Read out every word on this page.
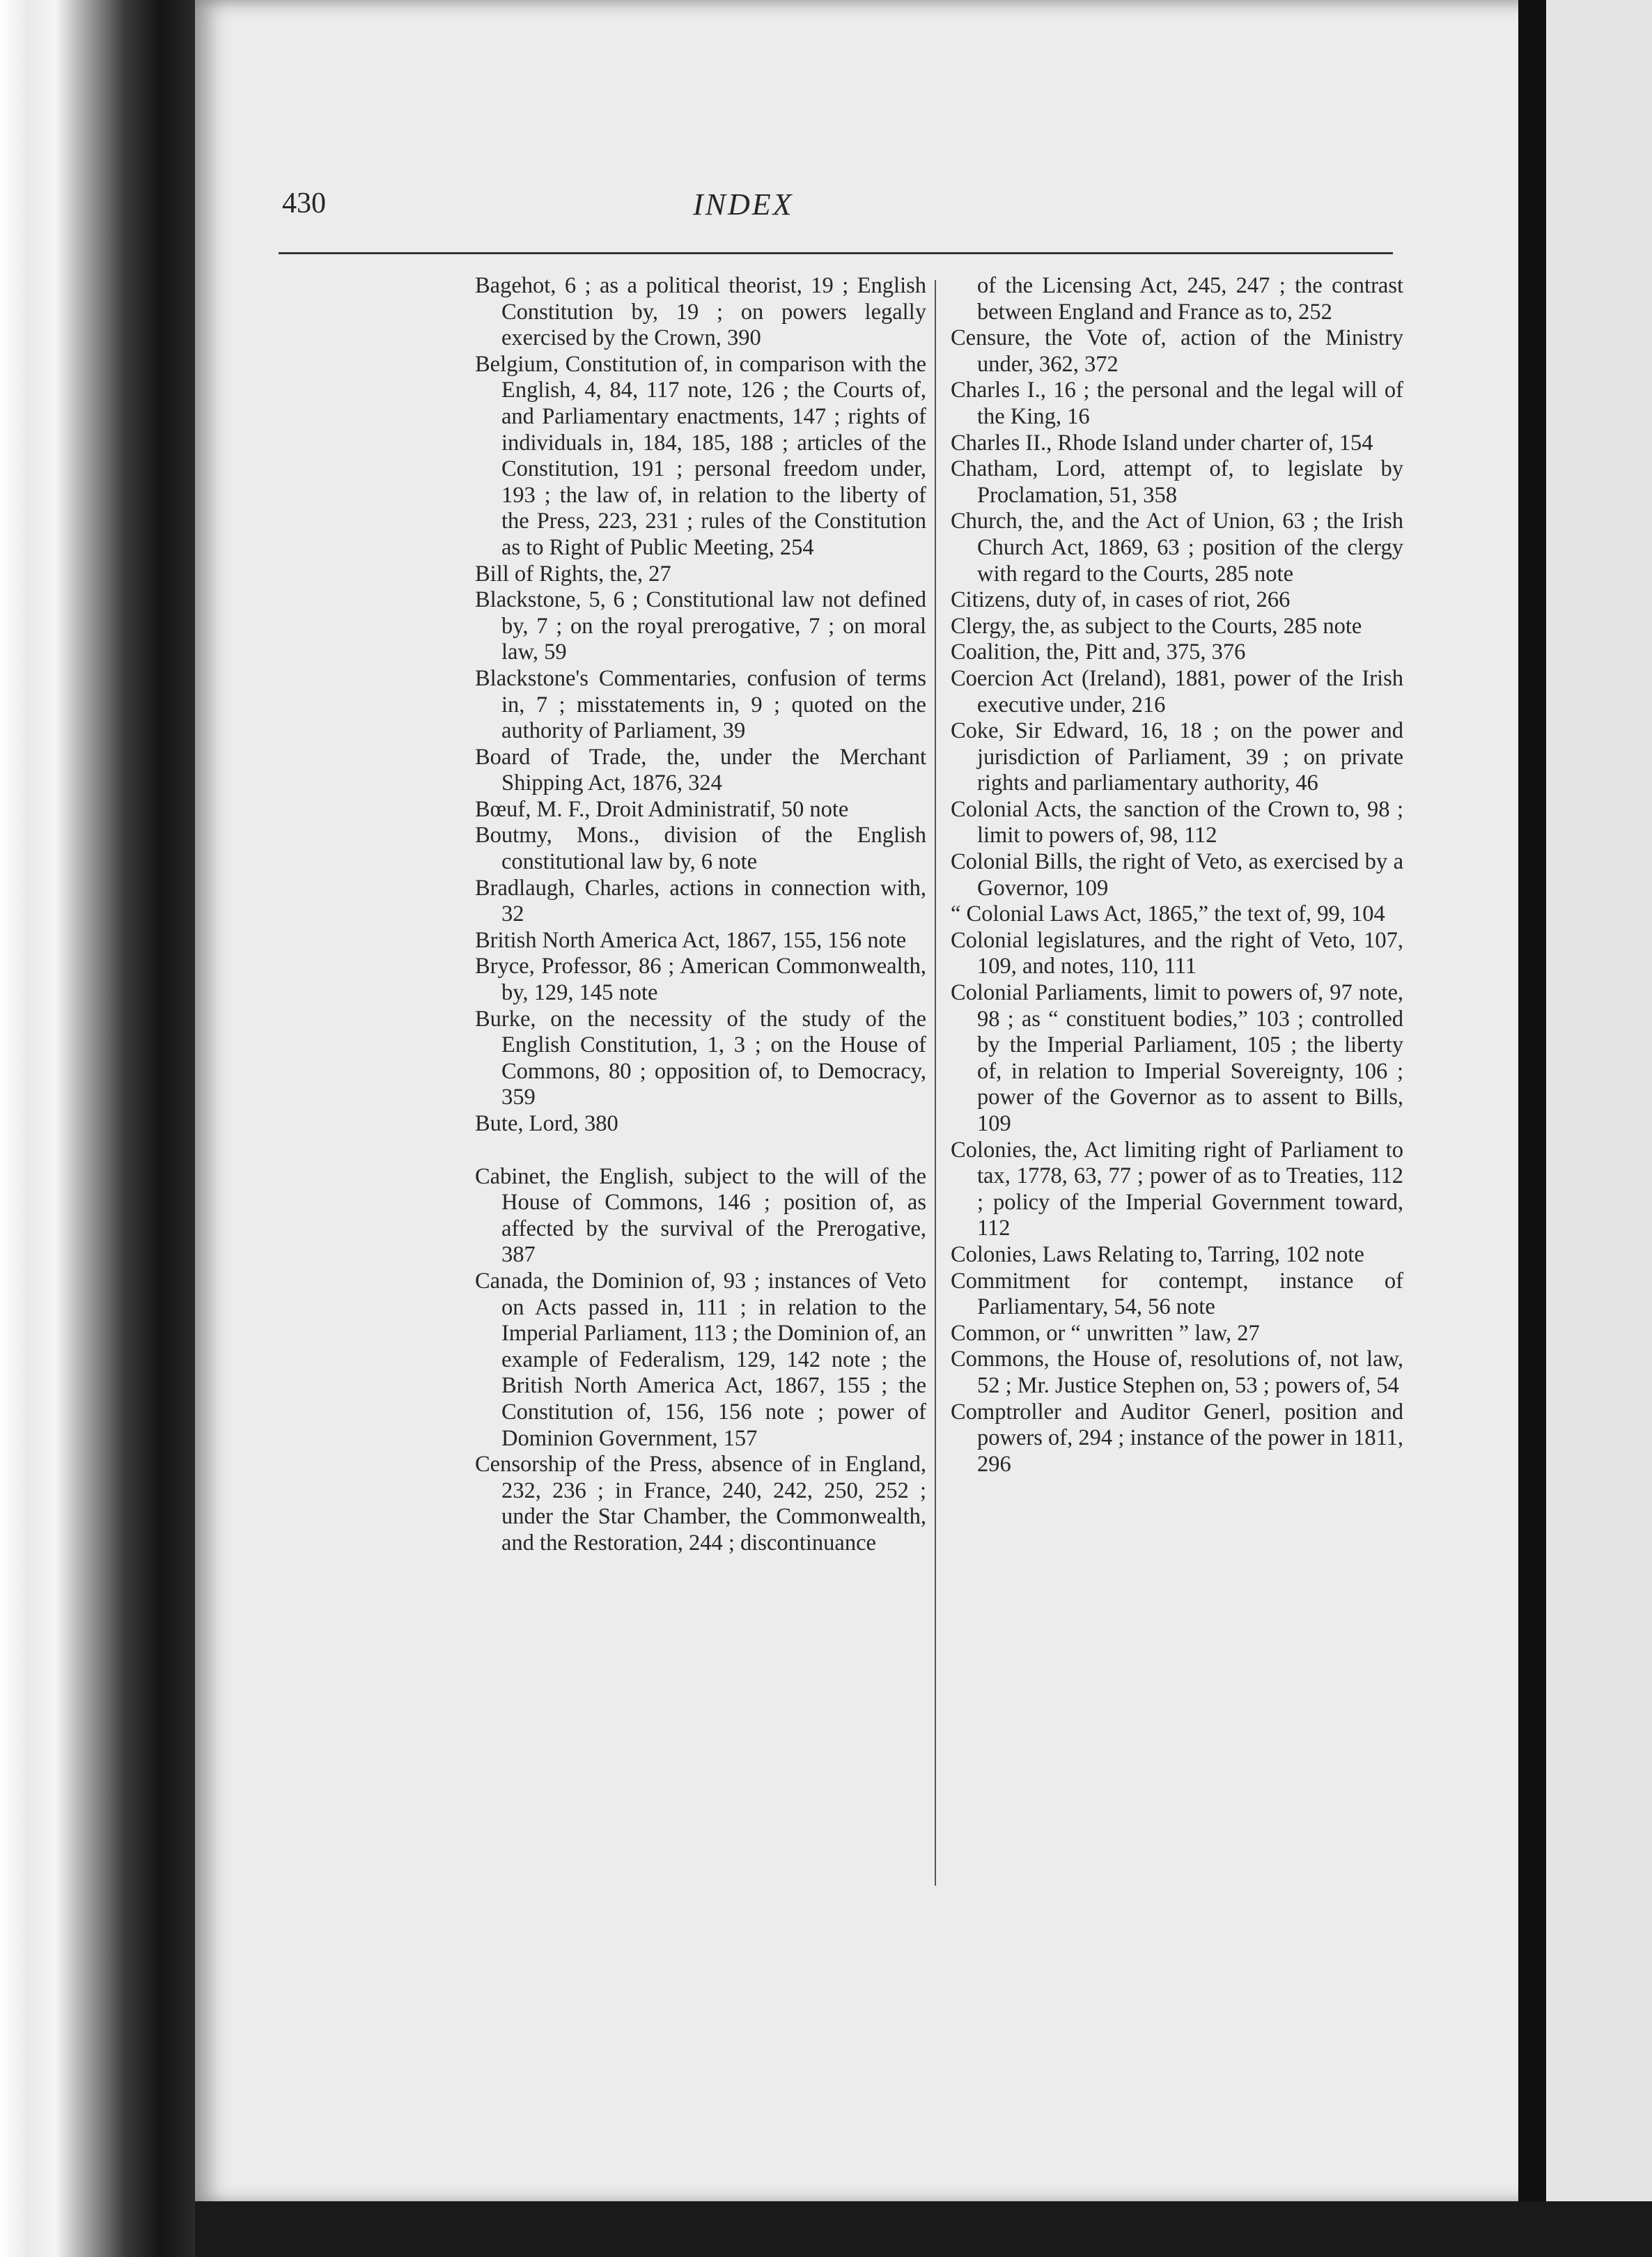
430	INDEX

Bagehot, 6 ; as a political theorist, 19 ; English Constitution by, 19 ; on powers legally exercised by the Crown, 390

Belgium, Constitution of, in comparison with the English, 4, 84, 117 note, 126 ; the Courts of, and Parliamentary enactments, 147 ; rights of individuals in, 184, 185, 188 ; articles of the Constitution, 191 ; personal freedom under, 193 ; the law of, in relation to the liberty of the Press, 223, 231 ; rules of the Constitution as to Right of Public Meeting, 254

Bill of Rights, the, 27

Blackstone, 5, 6 ; Constitutional law not defined by, 7 ; on the royal prerogative, 7 ; on moral law, 59

Blackstone's Commentaries, confusion of terms in, 7 ; misstatements in, 9 ; quoted on the authority of Parliament, 39

Board of Trade, the, under the Merchant Shipping Act, 1876, 324

Bœuf, M. F., Droit Administratif, 50 note

Boutmy, Mons., division of the English constitutional law by, 6 note

Bradlaugh, Charles, actions in connection with, 32

British North America Act, 1867, 155, 156 note

Bryce, Professor, 86 ; American Commonwealth, by, 129, 145 note

Burke, on the necessity of the study of the English Constitution, 1, 3 ; on the House of Commons, 80 ; opposition of, to Democracy, 359

Bute, Lord, 380

Cabinet, the English, subject to the will of the House of Commons, 146 ; position of, as affected by the survival of the Prerogative, 387

Canada, the Dominion of, 93 ; instances of Veto on Acts passed in, 111 ; in relation to the Imperial Parliament, 113 ; the Dominion of, an example of Federalism, 129, 142 note ; the British North America Act, 1867, 155 ; the Constitution of, 156, 156 note ; power of Dominion Government, 157

Censorship of the Press, absence of in England, 232, 236 ; in France, 240, 242, 250, 252 ; under the Star Chamber, the Commonwealth, and the Restoration, 244 ; discontinuance

of the Licensing Act, 245, 247 ; the contrast between England and France as to, 252

Censure, the Vote of, action of the Ministry under, 362, 372

Charles I., 16 ; the personal and the legal will of the King, 16

Charles II., Rhode Island under charter of, 154

Chatham, Lord, attempt of, to legislate by Proclamation, 51, 358

Church, the, and the Act of Union, 63 ; the Irish Church Act, 1869, 63 ; position of the clergy with regard to the Courts, 285 note

Citizens, duty of, in cases of riot, 266

Clergy, the, as subject to the Courts, 285 note

Coalition, the, Pitt and, 375, 376

Coercion Act (Ireland), 1881, power of the Irish executive under, 216

Coke, Sir Edward, 16, 18 ; on the power and jurisdiction of Parliament, 39 ; on private rights and parliamentary authority, 46

Colonial Acts, the sanction of the Crown to, 98 ; limit to powers of, 98, 112

Colonial Bills, the right of Veto, as exercised by a Governor, 109

“ Colonial Laws Act, 1865,” the text of, 99, 104

Colonial legislatures, and the right of Veto, 107, 109, and notes, 110, 111

Colonial Parliaments, limit to powers of, 97 note, 98 ; as “ constituent bodies,” 103 ; controlled by the Imperial Parliament, 105 ; the liberty of, in relation to Imperial Sovereignty, 106 ; power of the Governor as to assent to Bills, 109

Colonies, the, Act limiting right of Parliament to tax, 1778, 63, 77 ; power of as to Treaties, 112 ; policy of the Imperial Government toward, 112

Colonies, Laws Relating to, Tarring, 102 note

Commitment for contempt, instance of Parliamentary, 54, 56 note

Common, or “ unwritten ” law, 27

Commons, the House of, resolutions of, not law, 52 ; Mr. Justice Stephen on, 53 ; powers of, 54

Comptroller and Auditor Generl, position and powers of, 294 ; instance of the power in 1811, 296
